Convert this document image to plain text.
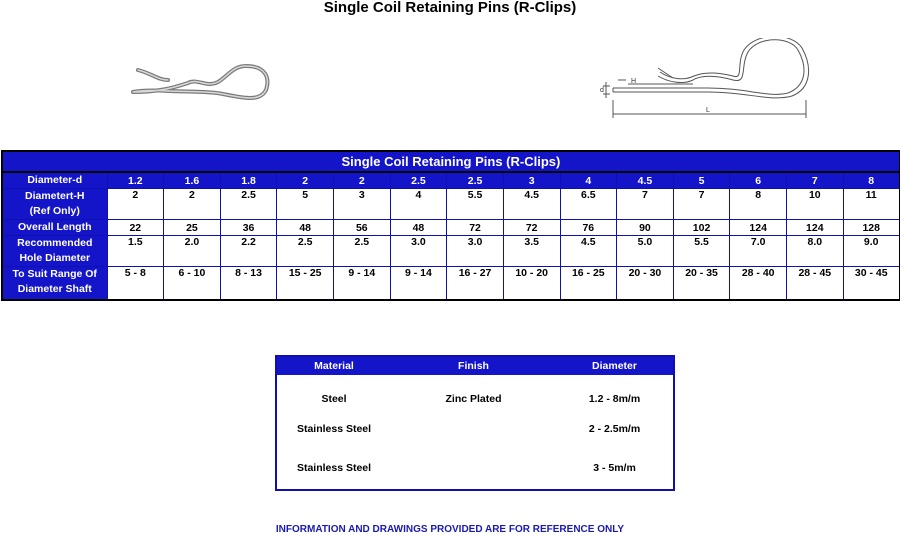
Single Coil Retaining Pins (R-Clips)
H
d
L
Single Coil Retaining Pins (R-Clips)														
Diameter-d	1.2	1.6	1.8	2	2	2.5	2.5	3	4	4.5	5	6	7	8

Diametert-H
(Ref Only)	2	2	2.5	5	3	4	5.5	4.5	6.5	7	7	8	10	11
Overall Length	22	25	36	48	56	48	72	72	76	90	102	124	124	128

Recommended
Hole Diameter	1.5	2.0	2.2	2.5	2.5	3.0	3.0	3.5	4.5	5.0	5.5	7.0	8.0	9.0

To Suit Range Of
Diameter Shaft	5 - 8	6 - 10	8 - 13	15 - 25	9 - 14	9 - 14	16 - 27	10 - 20	16 - 25	20 - 30	20 - 35	28 - 40	28 - 45	30 - 45
Material	Finish	Diameter
Steel	Zinc Plated	1.2 - 8m/m
Stainless Steel		2 - 2.5m/m
Stainless Steel		3 - 5m/m
INFORMATION AND DRAWINGS PROVIDED ARE FOR REFERENCE ONLY
